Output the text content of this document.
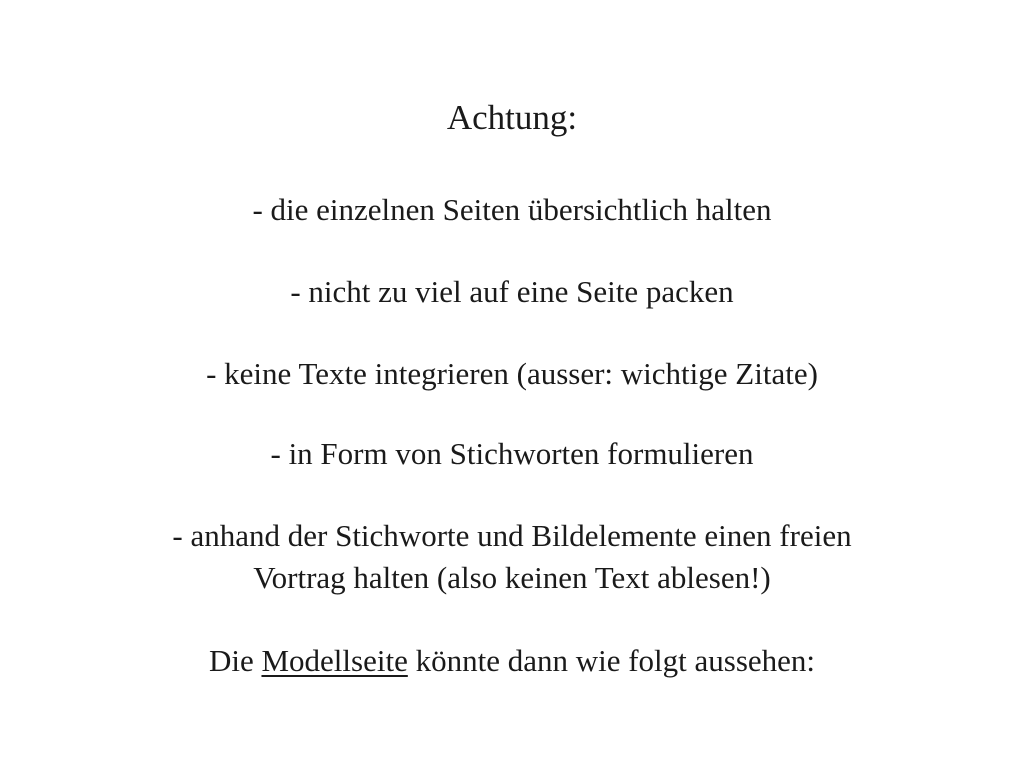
Achtung:
- die einzelnen Seiten übersichtlich halten
- nicht zu viel auf eine Seite packen
- keine Texte integrieren (ausser: wichtige Zitate)
- in Form von Stichworten formulieren
- anhand der Stichworte und Bildelemente einen freien
Vortrag halten (also keinen Text ablesen!)
Die Modellseite könnte dann wie folgt aussehen:
